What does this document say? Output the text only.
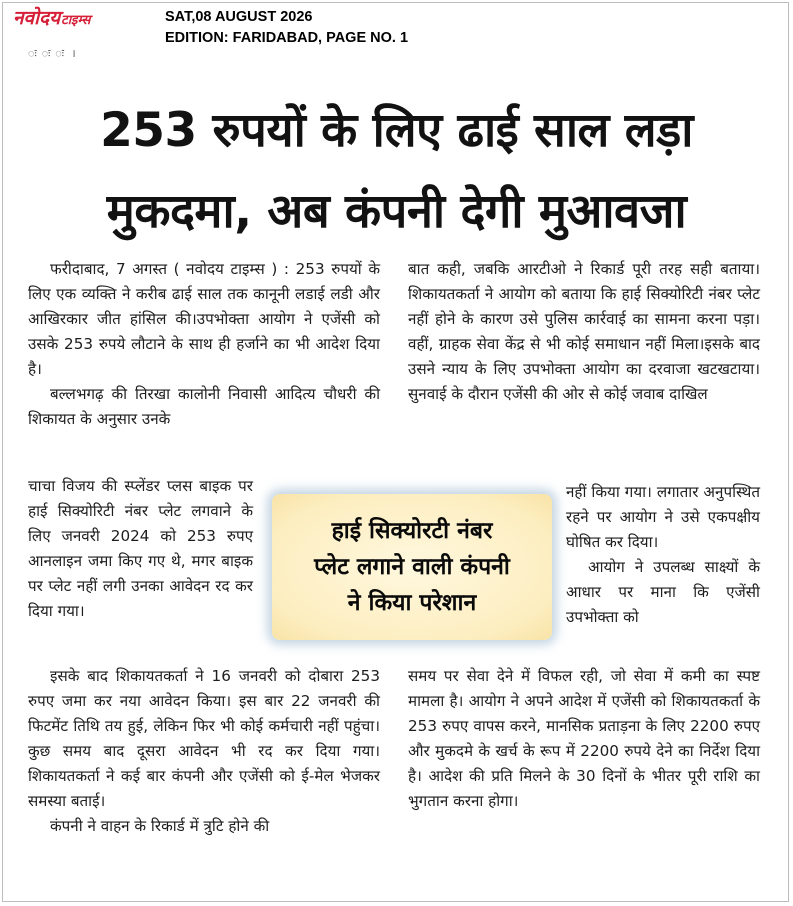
नवोदयटाइम्स	SAT,08 AUGUST 2026
EDITION: FARIDABAD, PAGE NO. 1
ः ः ः ।
253 रुपयों के लिए ढाई साल लड़ा
मुकदमा, अब कंपनी देगी मुआवजा

फरीदाबाद, 7 अगस्त ( नवोदय टाइम्स ) : 253 रुपयों के लिए एक व्यक्ति ने करीब ढाई साल तक कानूनी लडाई लडी और आखिरकार जीत हांसिल की।उपभोक्ता आयोग ने एजेंसी को उसके 253 रुपये लौटाने के साथ ही हर्जाने का भी आदेश दिया है।

बल्लभगढ़ की तिरखा कालोनी निवासी आदित्य चौधरी की शिकायत के अनुसार उनके

चाचा विजय की स्प्लेंडर प्लस बाइक पर हाई सिक्योरिटी नंबर प्लेट लगवाने के लिए जनवरी 2024 को 253 रुपए आनलाइन जमा किए गए थे, मगर बाइक पर प्लेट नहीं लगी उनका आवेदन रद कर दिया गया।

इसके बाद शिकायतकर्ता ने 16 जनवरी को दोबारा 253 रुपए जमा कर नया आवेदन किया। इस बार 22 जनवरी की फिटमेंट तिथि तय हुई, लेकिन फिर भी कोई कर्मचारी नहीं पहुंचा। कुछ समय बाद दूसरा आवेदन भी रद कर दिया गया। शिकायतकर्ता ने कई बार कंपनी और एजेंसी को ई-मेल भेजकर समस्या बताई।

कंपनी ने वाहन के रिकार्ड में त्रुटि होने की

बात कही, जबकि आरटीओ ने रिकार्ड पूरी तरह सही बताया।शिकायतकर्ता ने आयोग को बताया कि हाई सिक्योरिटी नंबर प्लेट नहीं होने के कारण उसे पुलिस कार्रवाई का सामना करना पड़ा। वहीं, ग्राहक सेवा केंद्र से भी कोई समाधान नहीं मिला।इसके बाद उसने न्याय के लिए उपभोक्ता आयोग का दरवाजा खटखटाया।सुनवाई के दौरान एजेंसी की ओर से कोई जवाब दाखिल

नहीं किया गया। लगातार अनुपस्थित रहने पर आयोग ने उसे एकपक्षीय घोषित कर दिया।

आयोग ने उपलब्ध साक्ष्यों के आधार पर माना कि एजेंसी उपभोक्ता को

समय पर सेवा देने में विफल रही, जो सेवा में कमी का स्पष्ट मामला है। आयोग ने अपने आदेश में एजेंसी को शिकायतकर्ता के 253 रुपए वापस करने, मानसिक प्रताड़ना के लिए 2200 रुपए और मुकदमे के खर्च के रूप में 2200 रुपये देने का निर्देश दिया है। आदेश की प्रति मिलने के 30 दिनों के भीतर पूरी राशि का भुगतान करना होगा।

हाई सिक्योरटी नंबर
प्लेट लगाने वाली कंपनी
ने किया परेशान
